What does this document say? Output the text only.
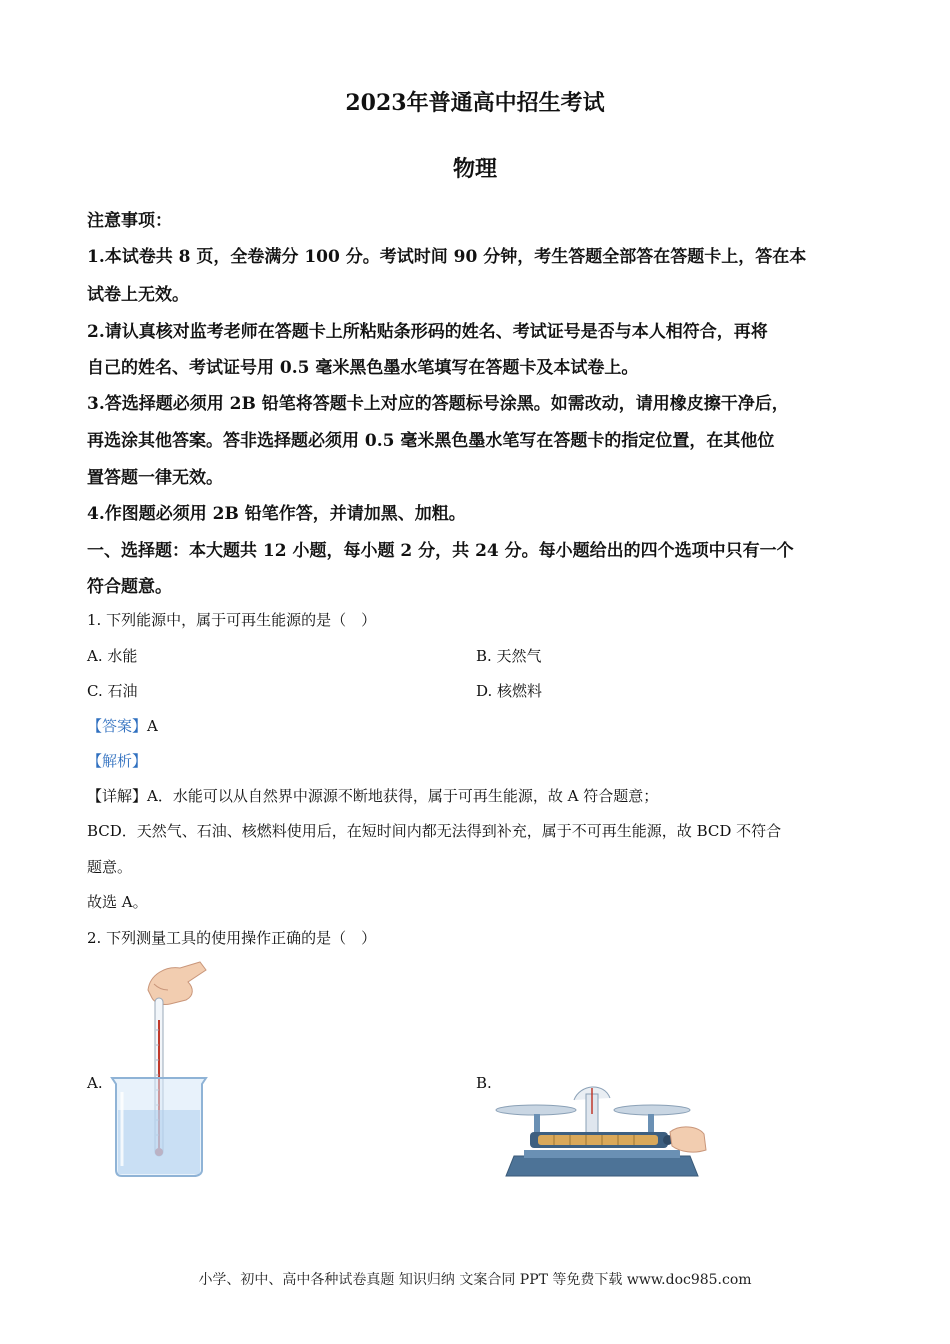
2023年普通高中招生考试
物理
注意事项：
1.本试卷共 8 页，全卷满分 100 分。考试时间 90 分钟，考生答题全部答在答题卡上，答在本
试卷上无效。
2.请认真核对监考老师在答题卡上所粘贴条形码的姓名、考试证号是否与本人相符合，再将
自己的姓名、考试证号用 0.5 毫米黑色墨水笔填写在答题卡及本试卷上。
3.答选择题必须用 2B 铅笔将答题卡上对应的答题标号涂黑。如需改动，请用橡皮擦干净后，
再选涂其他答案。答非选择题必须用 0.5 毫米黑色墨水笔写在答题卡的指定位置，在其他位
置答题一律无效。
4.作图题必须用 2B 铅笔作答，并请加黑、加粗。
一、选择题：本大题共 12 小题，每小题 2 分，共 24 分。每小题给出的四个选项中只有一个
符合题意。
1. 下列能源中，属于可再生能源的是（　）
A. 水能	B. 天然气
C. 石油	D. 核燃料
【答案】A
【解析】
【详解】A．水能可以从自然界中源源不断地获得，属于可再生能源，故 A 符合题意；
BCD．天然气、石油、核燃料使用后，在短时间内都无法得到补充，属于不可再生能源，故 BCD 不符合
题意。
故选 A。
2. 下列测量工具的使用操作正确的是（　）
A.	B.
小学、初中、高中各种试卷真题 知识归纳 文案合同 PPT 等免费下载 www.doc985.com
